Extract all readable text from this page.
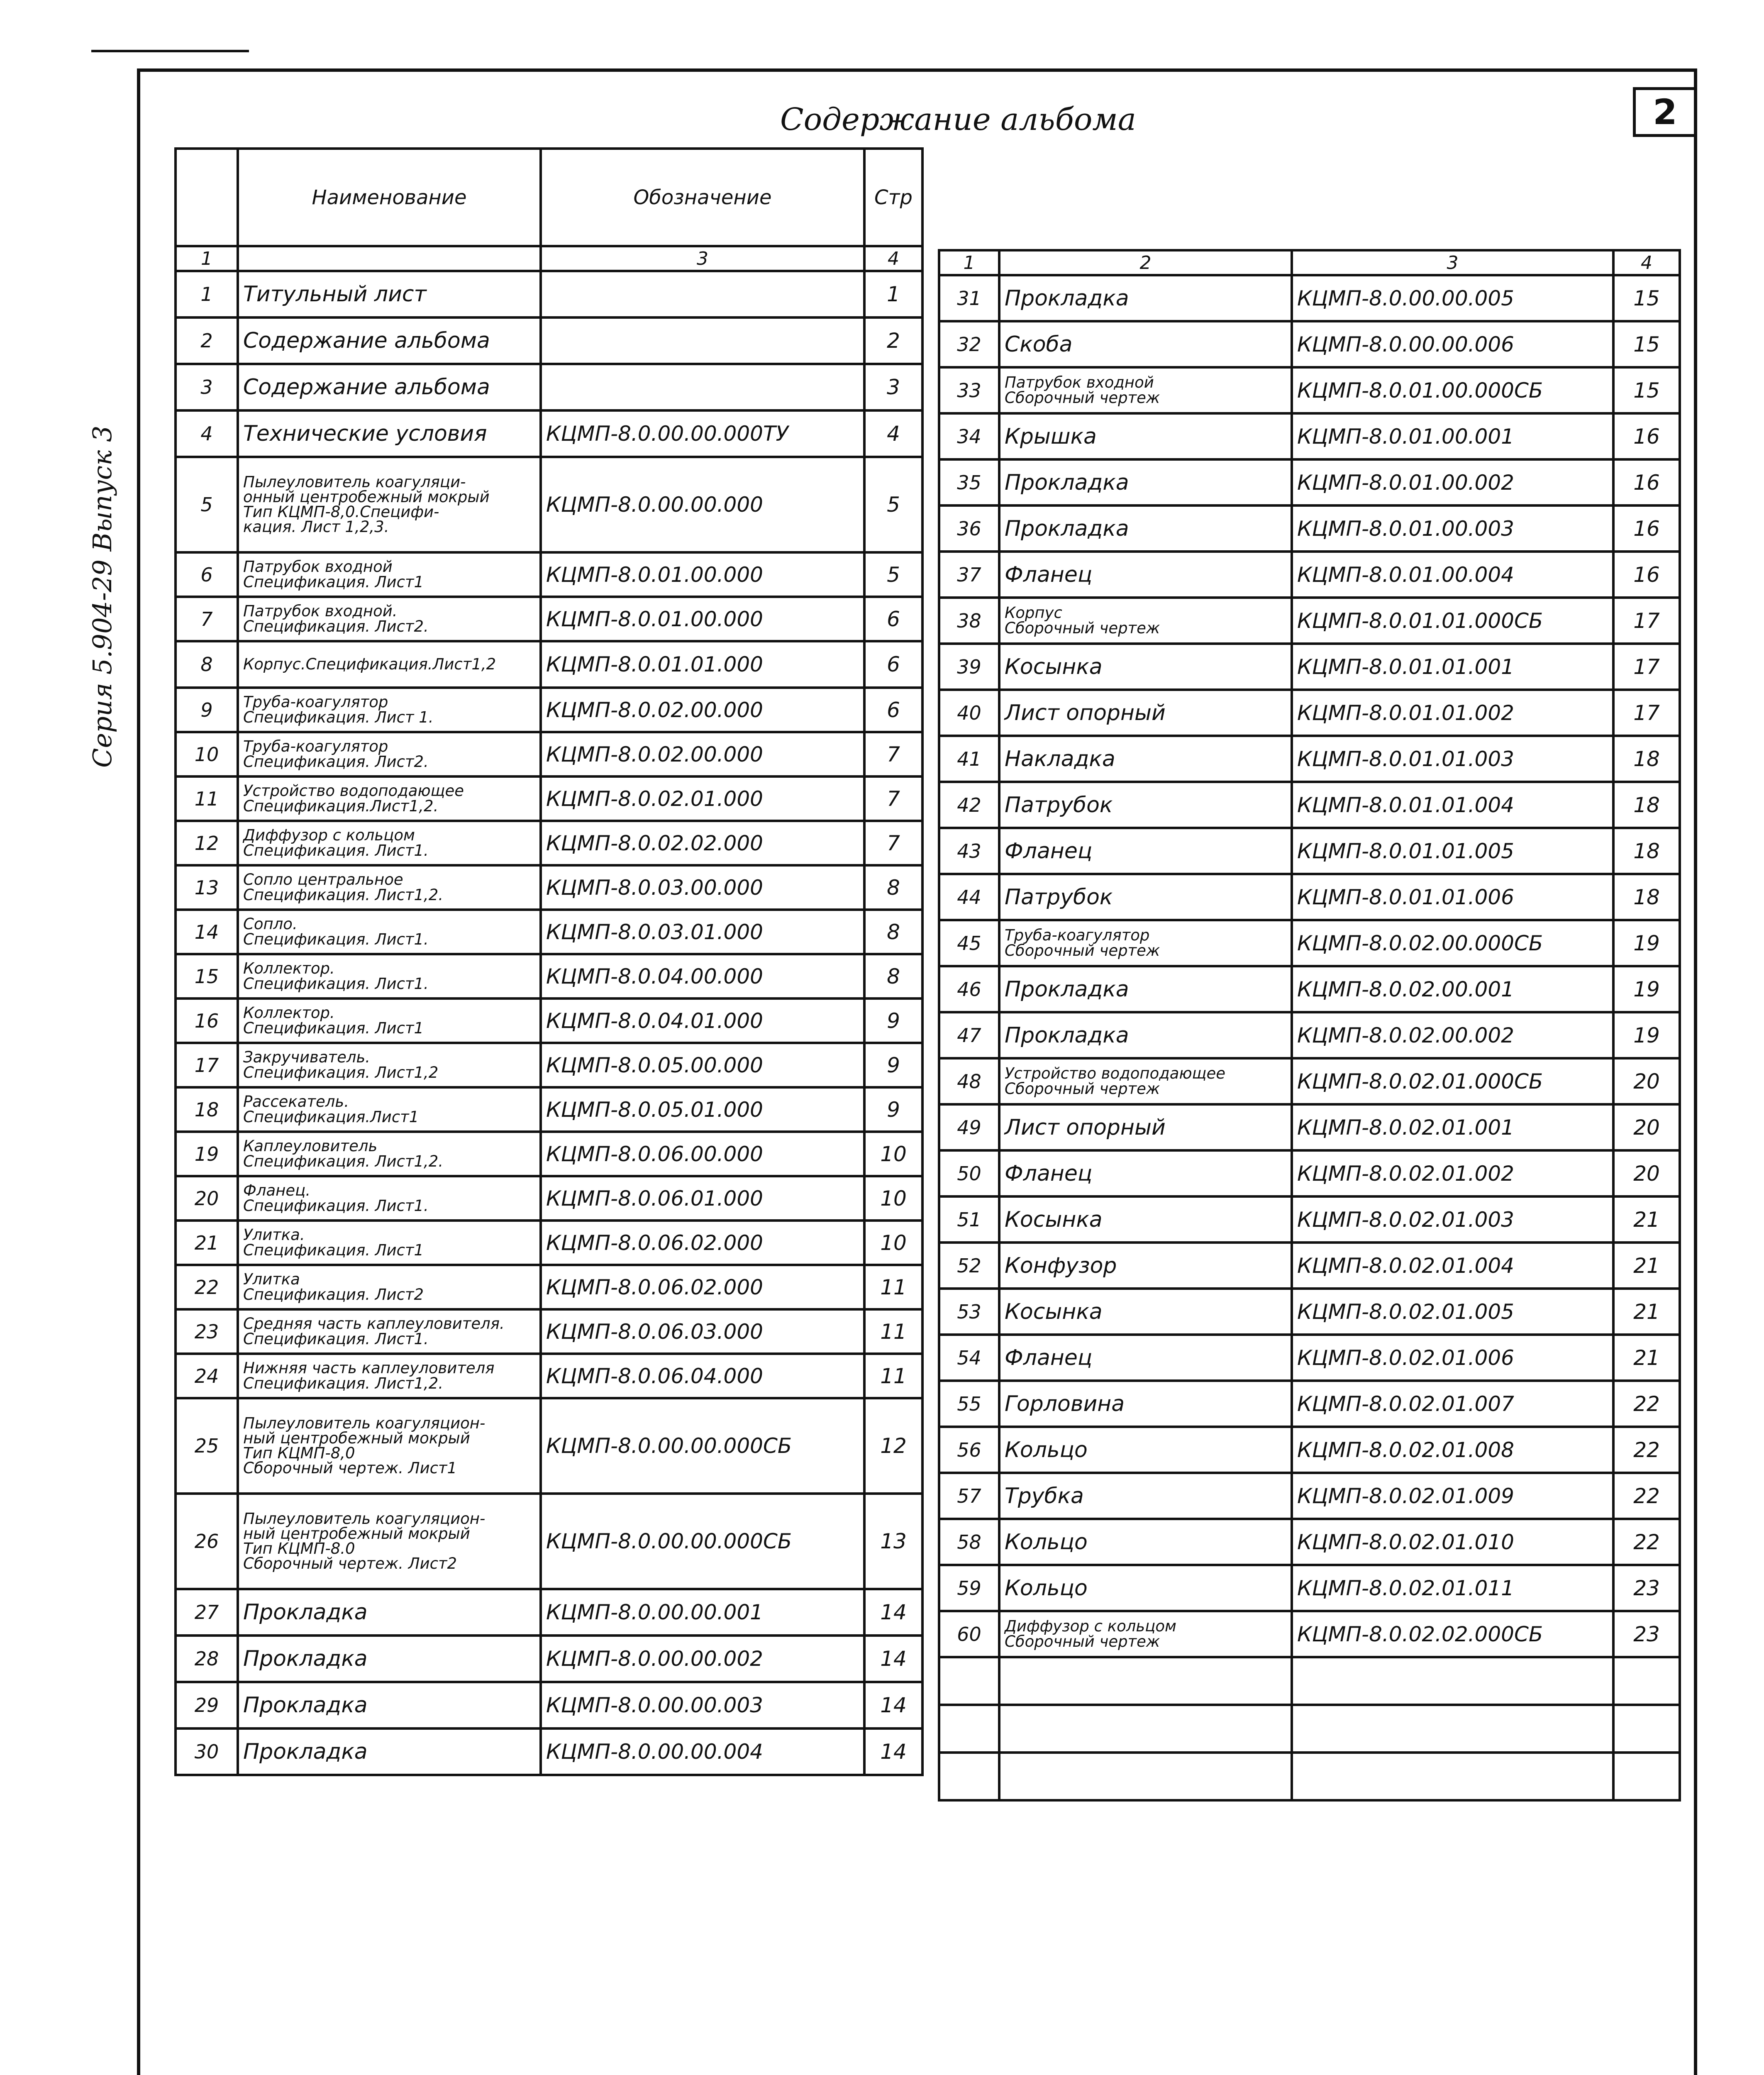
2
Содержание альбома
Серия 5.904-29 Выпуск 3
	Наименование	Обозначение	Стр
1		3	4
1	Титульный лист		1
2	Содержание альбома		2
3	Содержание альбома		3
4	Технические условия	КЦМП-8.0.00.00.000ТУ	4
5	Пылеуловитель коагуляци-
онный центробежный мокрый
Тип КЦМП-8,0.Специфи-
кация. Лист 1,2,3.	КЦМП-8.0.00.00.000	5
6	Патрубок входной
Спецификация. Лист1	КЦМП-8.0.01.00.000	5
7	Патрубок входной.
Спецификация. Лист2.	КЦМП-8.0.01.00.000	6
8	Корпус.Спецификация.Лист1,2	КЦМП-8.0.01.01.000	6
9	Труба-коагулятор
Спецификация. Лист 1.	КЦМП-8.0.02.00.000	6
10	Труба-коагулятор
Спецификация. Лист2.	КЦМП-8.0.02.00.000	7
11	Устройство водоподающее
Спецификация.Лист1,2.	КЦМП-8.0.02.01.000	7
12	Диффузор с кольцом
Спецификация. Лист1.	КЦМП-8.0.02.02.000	7
13	Сопло центральное
Спецификация. Лист1,2.	КЦМП-8.0.03.00.000	8
14	Сопло.
Спецификация. Лист1.	КЦМП-8.0.03.01.000	8
15	Коллектор.
Спецификация. Лист1.	КЦМП-8.0.04.00.000	8
16	Коллектор.
Спецификация. Лист1	КЦМП-8.0.04.01.000	9
17	Закручиватель.
Спецификация. Лист1,2	КЦМП-8.0.05.00.000	9
18	Рассекатель.
Спецификация.Лист1	КЦМП-8.0.05.01.000	9
19	Каплеуловитель
Спецификация. Лист1,2.	КЦМП-8.0.06.00.000	10
20	Фланец.
Спецификация. Лист1.	КЦМП-8.0.06.01.000	10
21	Улитка.
Спецификация. Лист1	КЦМП-8.0.06.02.000	10
22	Улитка
Спецификация. Лист2	КЦМП-8.0.06.02.000	11
23	Средняя часть каплеуловителя.
Спецификация. Лист1.	КЦМП-8.0.06.03.000	11
24	Нижняя часть каплеуловителя
Спецификация. Лист1,2.	КЦМП-8.0.06.04.000	11
25	Пылеуловитель коагуляцион-
ный центробежный мокрый
Тип КЦМП-8,0
Сборочный чертеж. Лист1	КЦМП-8.0.00.00.000СБ	12
26	Пылеуловитель коагуляцион-
ный центробежный мокрый
Тип КЦМП-8.0
Сборочный чертеж. Лист2	КЦМП-8.0.00.00.000СБ	13
27	Прокладка	КЦМП-8.0.00.00.001	14
28	Прокладка	КЦМП-8.0.00.00.002	14
29	Прокладка	КЦМП-8.0.00.00.003	14
30	Прокладка	КЦМП-8.0.00.00.004	14
1	2	3	4
31	Прокладка	КЦМП-8.0.00.00.005	15
32	Скоба	КЦМП-8.0.00.00.006	15
33	Патрубок входной
Сборочный чертеж	КЦМП-8.0.01.00.000СБ	15
34	Крышка	КЦМП-8.0.01.00.001	16
35	Прокладка	КЦМП-8.0.01.00.002	16
36	Прокладка	КЦМП-8.0.01.00.003	16
37	Фланец	КЦМП-8.0.01.00.004	16
38	Корпус
Сборочный чертеж	КЦМП-8.0.01.01.000СБ	17
39	Косынка	КЦМП-8.0.01.01.001	17
40	Лист опорный	КЦМП-8.0.01.01.002	17
41	Накладка	КЦМП-8.0.01.01.003	18
42	Патрубок	КЦМП-8.0.01.01.004	18
43	Фланец	КЦМП-8.0.01.01.005	18
44	Патрубок	КЦМП-8.0.01.01.006	18
45	Труба-коагулятор
Сборочный чертеж	КЦМП-8.0.02.00.000СБ	19
46	Прокладка	КЦМП-8.0.02.00.001	19
47	Прокладка	КЦМП-8.0.02.00.002	19
48	Устройство водоподающее
Сборочный чертеж	КЦМП-8.0.02.01.000СБ	20
49	Лист опорный	КЦМП-8.0.02.01.001	20
50	Фланец	КЦМП-8.0.02.01.002	20
51	Косынка	КЦМП-8.0.02.01.003	21
52	Конфузор	КЦМП-8.0.02.01.004	21
53	Косынка	КЦМП-8.0.02.01.005	21
54	Фланец	КЦМП-8.0.02.01.006	21
55	Горловина	КЦМП-8.0.02.01.007	22
56	Кольцо	КЦМП-8.0.02.01.008	22
57	Трубка	КЦМП-8.0.02.01.009	22
58	Кольцо	КЦМП-8.0.02.01.010	22
59	Кольцо	КЦМП-8.0.02.01.011	23
60	Диффузор с кольцом
Сборочный чертеж	КЦМП-8.0.02.02.000СБ	23
